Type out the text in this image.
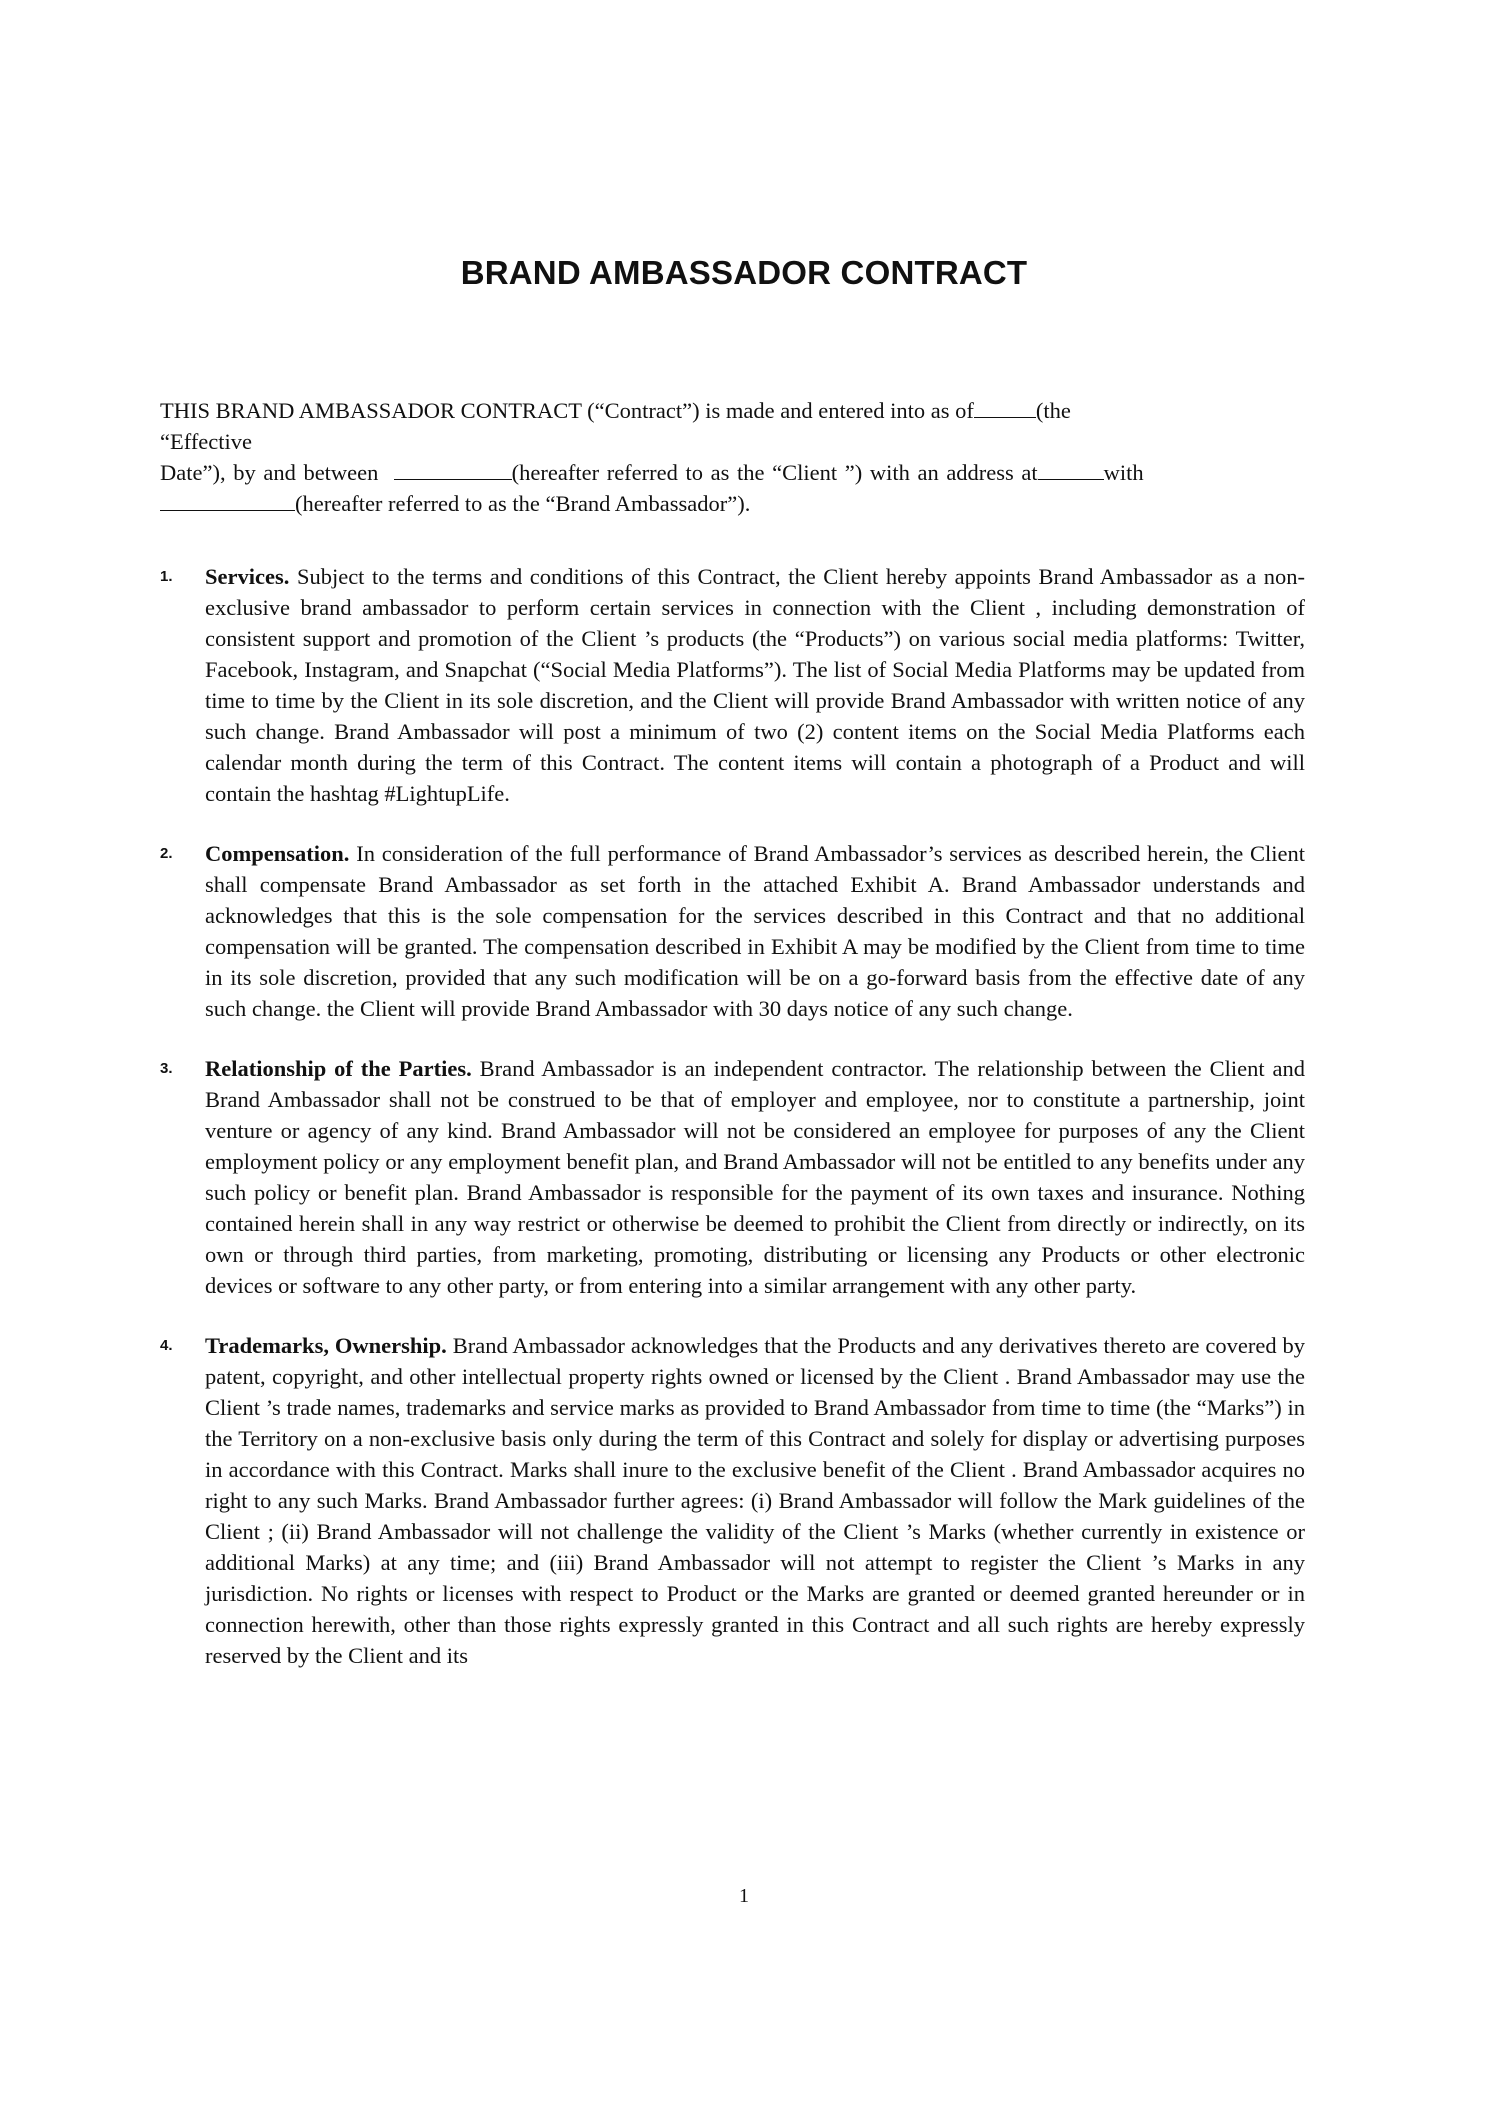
BRAND AMBASSADOR CONTRACT
THIS BRAND AMBASSADOR CONTRACT (“Contract”) is made and entered into as of	(the
“Effective
Date”), by and between	(hereafter referred to as the “Client ”) with an address at	with
(hereafter referred to as the “Brand Ambassador”).
1. Services. Subject to the terms and conditions of this Contract, the Client hereby appoints Brand Ambassador as a non-exclusive brand ambassador to perform certain services in connection with the Client , including demonstration of consistent support and promotion of the Client ’s products (the “Products”) on various social media platforms: Twitter, Facebook, Instagram, and Snapchat (“Social Media Platforms”). The list of Social Media Platforms may be updated from time to time by the Client in its sole discretion, and the Client will provide Brand Ambassador with written notice of any such change. Brand Ambassador will post a minimum of two (2) content items on the Social Media Platforms each calendar month during the term of this Contract. The content items will contain a photograph of a Product and will contain the hashtag #LightupLife.
2. Compensation. In consideration of the full performance of Brand Ambassador’s services as described herein, the Client shall compensate Brand Ambassador as set forth in the attached Exhibit A. Brand Ambassador understands and acknowledges that this is the sole compensation for the services described in this Contract and that no additional compensation will be granted. The compensation described in Exhibit A may be modified by the Client from time to time in its sole discretion, provided that any such modification will be on a go-forward basis from the effective date of any such change. the Client will provide Brand Ambassador with 30 days notice of any such change.
3. Relationship of the Parties. Brand Ambassador is an independent contractor. The relationship between the Client and Brand Ambassador shall not be construed to be that of employer and employee, nor to constitute a partnership, joint venture or agency of any kind. Brand Ambassador will not be considered an employee for purposes of any the Client employment policy or any employment benefit plan, and Brand Ambassador will not be entitled to any benefits under any such policy or benefit plan. Brand Ambassador is responsible for the payment of its own taxes and insurance. Nothing contained herein shall in any way restrict or otherwise be deemed to prohibit the Client from directly or indirectly, on its own or through third parties, from marketing, promoting, distributing or licensing any Products or other electronic devices or software to any other party, or from entering into a similar arrangement with any other party.
4. Trademarks, Ownership. Brand Ambassador acknowledges that the Products and any derivatives thereto are covered by patent, copyright, and other intellectual property rights owned or licensed by the Client . Brand Ambassador may use the Client ’s trade names, trademarks and service marks as provided to Brand Ambassador from time to time (the “Marks”) in the Territory on a non-exclusive basis only during the term of this Contract and solely for display or advertising purposes in accordance with this Contract. Marks shall inure to the exclusive benefit of the Client . Brand Ambassador acquires no right to any such Marks. Brand Ambassador further agrees: (i) Brand Ambassador will follow the Mark guidelines of the Client ; (ii) Brand Ambassador will not challenge the validity of the Client ’s Marks (whether currently in existence or additional Marks) at any time; and (iii) Brand Ambassador will not attempt to register the Client ’s Marks in any jurisdiction. No rights or licenses with respect to Product or the Marks are granted or deemed granted hereunder or in connection herewith, other than those rights expressly granted in this Contract and all such rights are hereby expressly reserved by the Client and its
1
